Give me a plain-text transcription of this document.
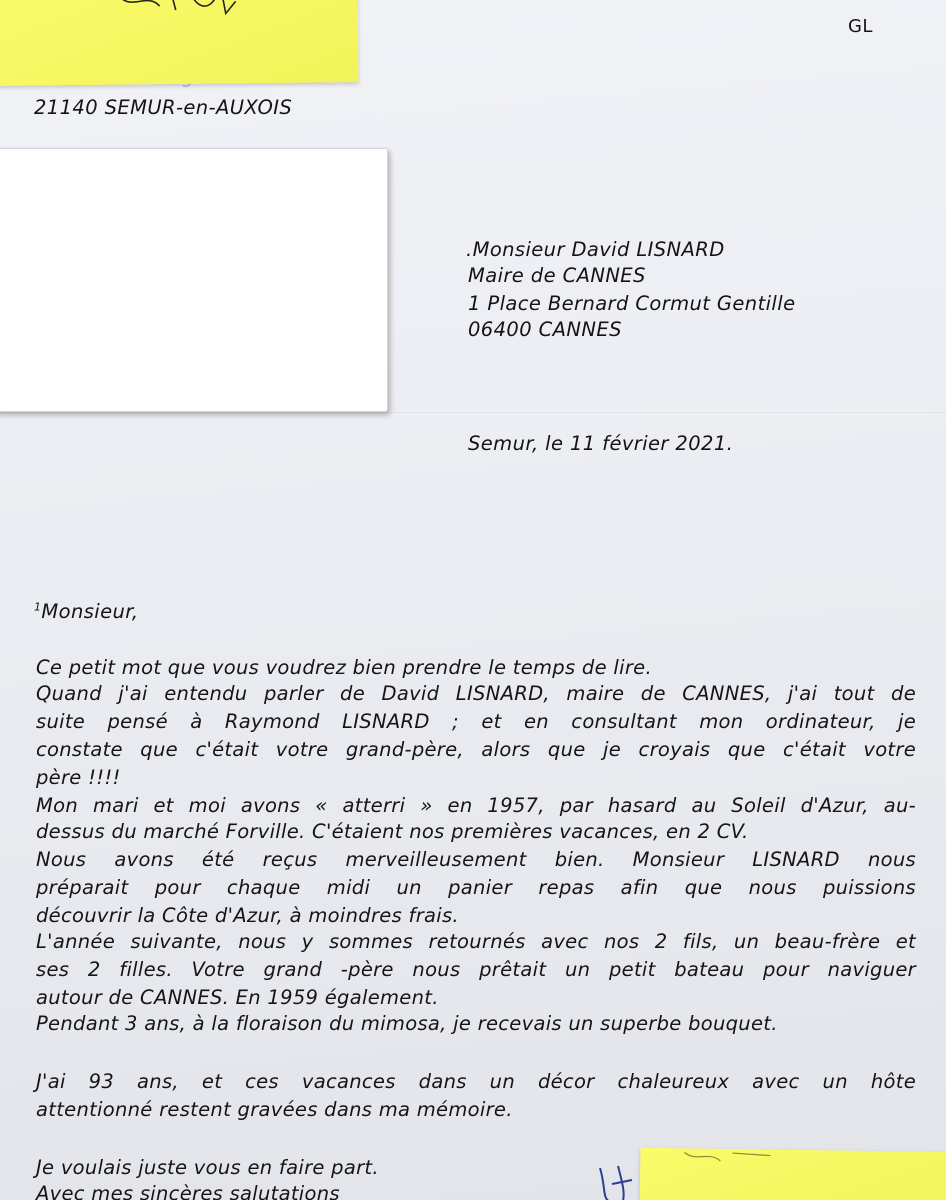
21140 SEMUR-en-AUXOIS
GL
.Monsieur David LISNARD
Maire de CANNES
1 Place Bernard Cormut Gentille
06400 CANNES
Semur, le 11 février 2021.
$^1$Monsieur,
Ce petit mot que vous voudrez bien prendre le temps de lire.
Quand j'ai entendu parler de David LISNARD, maire de CANNES, j'ai tout de
suite pensé à Raymond LISNARD ; et en consultant mon ordinateur, je
constate que c'était votre grand-père, alors que je croyais que c'était votre
père !!!!
Mon mari et moi avons « atterri » en 1957, par hasard au Soleil d'Azur, au-
dessus du marché Forville. C'étaient nos premières vacances, en 2 CV.
Nous avons été reçus merveilleusement bien. Monsieur LISNARD nous
préparait pour chaque midi un panier repas afin que nous puissions
découvrir la Côte d'Azur, à moindres frais.
L'année suivante, nous y sommes retournés avec nos 2 fils, un beau-frère et
ses 2 filles. Votre grand -père nous prêtait un petit bateau pour naviguer
autour de CANNES. En 1959 également.
Pendant 3 ans, à la floraison du mimosa, je recevais un superbe bouquet.
J'ai 93 ans, et ces vacances dans un décor chaleureux avec un hôte
attentionné restent gravées dans ma mémoire.
Je voulais juste vous en faire part.
Avec mes sincères salutations
